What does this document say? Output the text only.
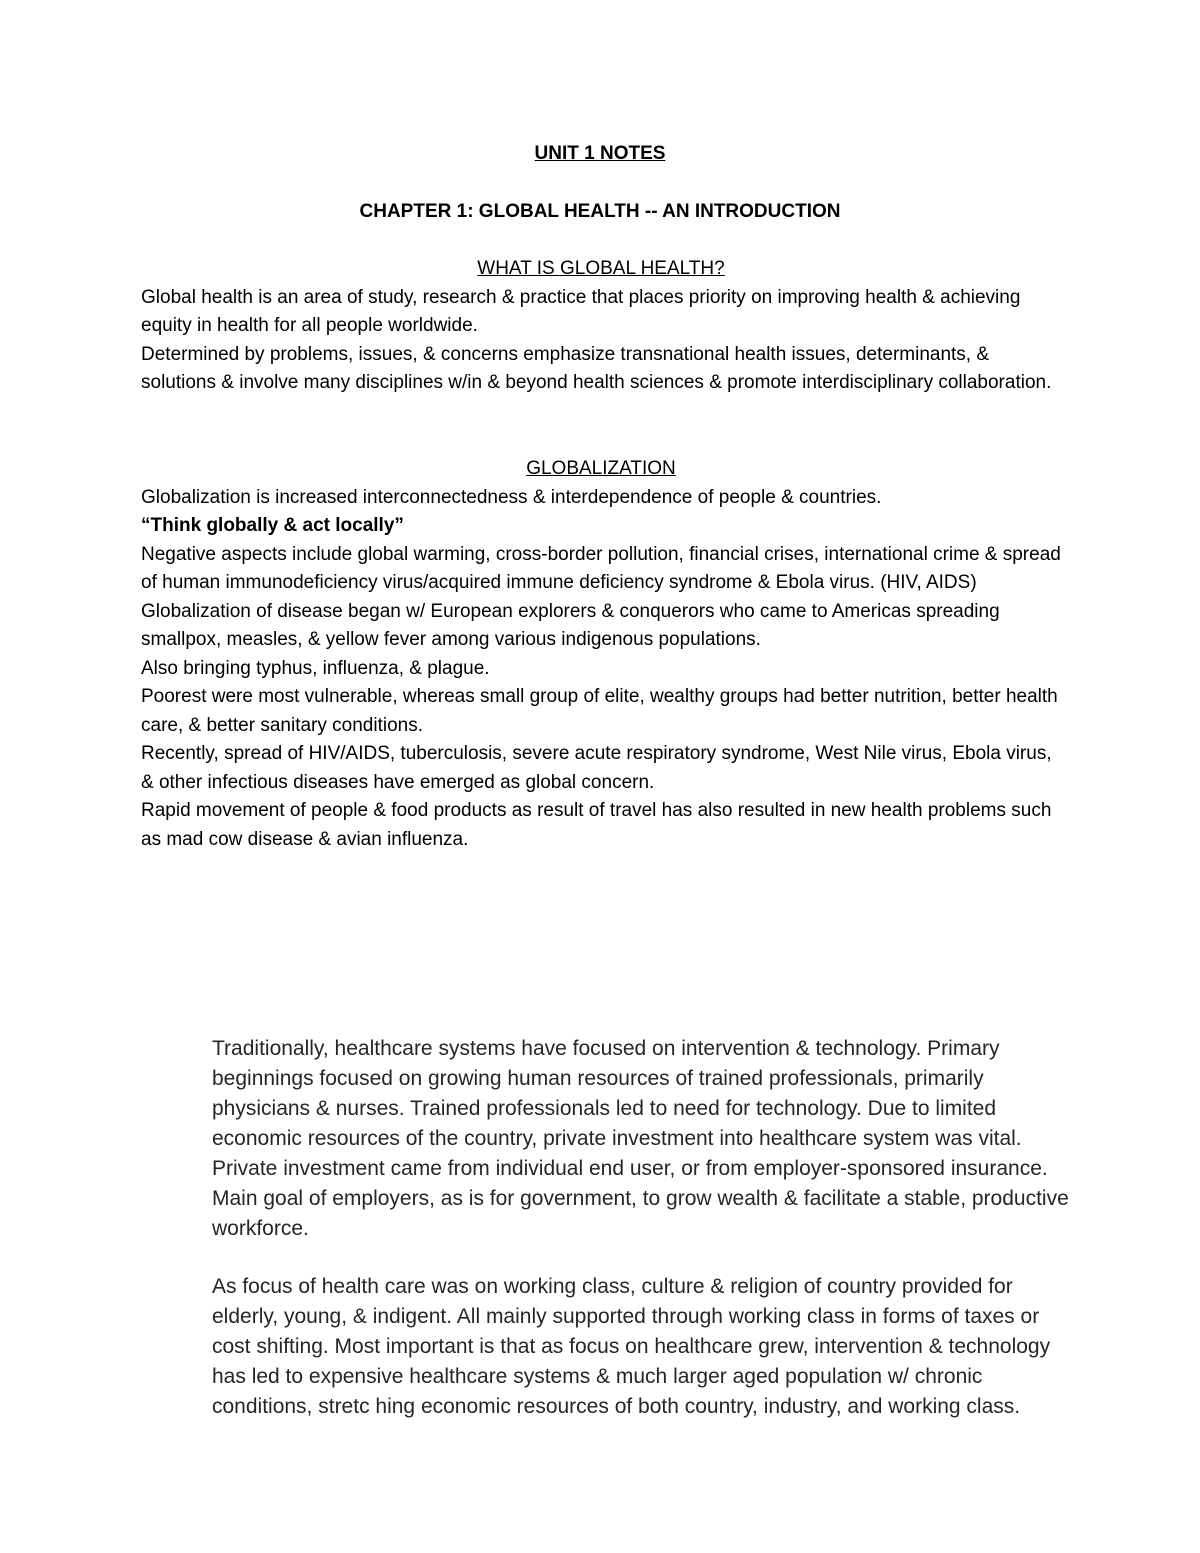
UNIT 1 NOTES
CHAPTER 1: GLOBAL HEALTH -- AN INTRODUCTION
WHAT IS GLOBAL HEALTH?

Global health is an area of study, research & practice that places priority on improving health & achieving equity in health for all people worldwide.

Determined by problems, issues, & concerns emphasize transnational health issues, determinants, & solutions & involve many disciplines w/in & beyond health sciences & promote interdisciplinary collaboration.

GLOBALIZATION

Globalization is increased interconnectedness & interdependence of people & countries.

“Think globally & act locally”

Negative aspects include global warming, cross-border pollution, financial crises, international crime & spread of human immunodeficiency virus/acquired immune deficiency syndrome & Ebola virus. (HIV, AIDS)

Globalization of disease began w/ European explorers & conquerors who came to Americas spreading smallpox, measles, & yellow fever among various indigenous populations.

Also bringing typhus, influenza, & plague.

Poorest were most vulnerable, whereas small group of elite, wealthy groups had better nutrition, better health care, & better sanitary conditions.

Recently, spread of HIV/AIDS, tuberculosis, severe acute respiratory syndrome, West Nile virus, Ebola virus, & other infectious diseases have emerged as global concern.

Rapid movement of people & food products as result of travel has also resulted in new health problems such as mad cow disease & avian influenza.

Traditionally, healthcare systems have focused on intervention & technology. Primary beginnings focused on growing human resources of trained professionals, primarily physicians & nurses. Trained professionals led to need for technology. Due to limited economic resources of the country, private investment into healthcare system was vital. Private investment came from individual end user, or from employer-sponsored insurance. Main goal of employers, as is for government, to grow wealth & facilitate a stable, productive workforce.

As focus of health care was on working class, culture & religion of country provided for elderly, young, & indigent. All mainly supported through working class in forms of taxes or cost shifting. Most important is that as focus on healthcare grew, intervention & technology has led to expensive healthcare systems & much larger aged population w/ chronic conditions, stretc hing economic resources of both country, industry, and working class.
